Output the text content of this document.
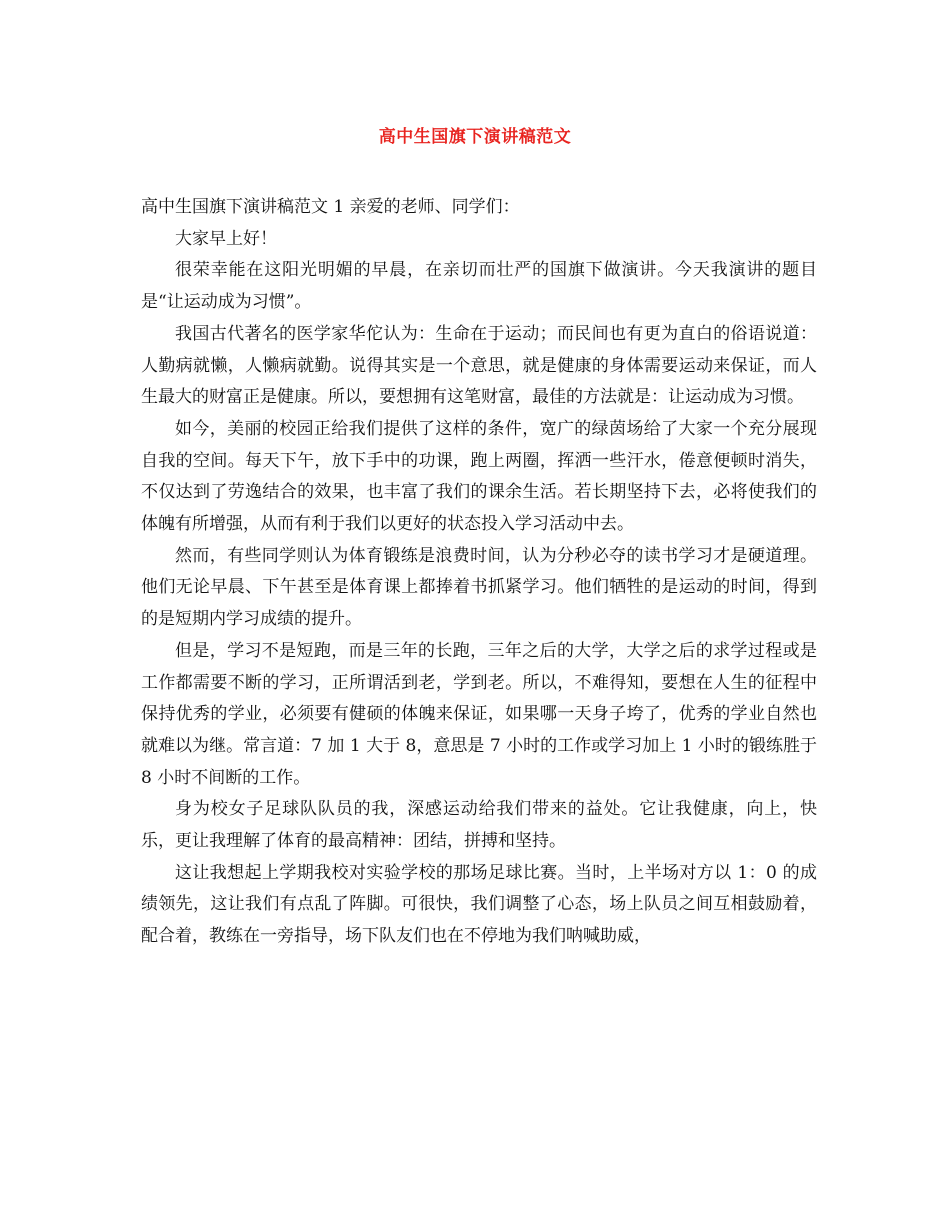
高中生国旗下演讲稿范文

高中生国旗下演讲稿范文 1 亲爱的老师、同学们：

大家早上好！

很荣幸能在这阳光明媚的早晨，在亲切而壮严的国旗下做演讲。今天我演讲的题目是“让运动成为习惯”。

我国古代著名的医学家华佗认为：生命在于运动；而民间也有更为直白的俗语说道：人勤病就懒，人懒病就勤。说得其实是一个意思，就是健康的身体需要运动来保证，而人生最大的财富正是健康。所以，要想拥有这笔财富，最佳的方法就是：让运动成为习惯。

如今，美丽的校园正给我们提供了这样的条件，宽广的绿茵场给了大家一个充分展现自我的空间。每天下午，放下手中的功课，跑上两圈，挥洒一些汗水，倦意便顿时消失，不仅达到了劳逸结合的效果，也丰富了我们的课余生活。若长期坚持下去，必将使我们的体魄有所增强，从而有利于我们以更好的状态投入学习活动中去。

然而，有些同学则认为体育锻练是浪费时间，认为分秒必夺的读书学习才是硬道理。他们无论早晨、下午甚至是体育课上都捧着书抓紧学习。他们牺牲的是运动的时间，得到的是短期内学习成绩的提升。

但是，学习不是短跑，而是三年的长跑，三年之后的大学，大学之后的求学过程或是工作都需要不断的学习，正所谓活到老，学到老。所以，不难得知，要想在人生的征程中保持优秀的学业，必须要有健硕的体魄来保证，如果哪一天身子垮了，优秀的学业自然也就难以为继。常言道：7 加 1 大于 8，意思是 7 小时的工作或学习加上 1 小时的锻练胜于 8 小时不间断的工作。

身为校女子足球队队员的我，深感运动给我们带来的益处。它让我健康，向上，快乐，更让我理解了体育的最高精神：团结，拼搏和坚持。

这让我想起上学期我校对实验学校的那场足球比赛。当时，上半场对方以 1：0 的成绩领先，这让我们有点乱了阵脚。可很快，我们调整了心态，场上队员之间互相鼓励着，配合着，教练在一旁指导，场下队友们也在不停地为我们呐喊助威，
